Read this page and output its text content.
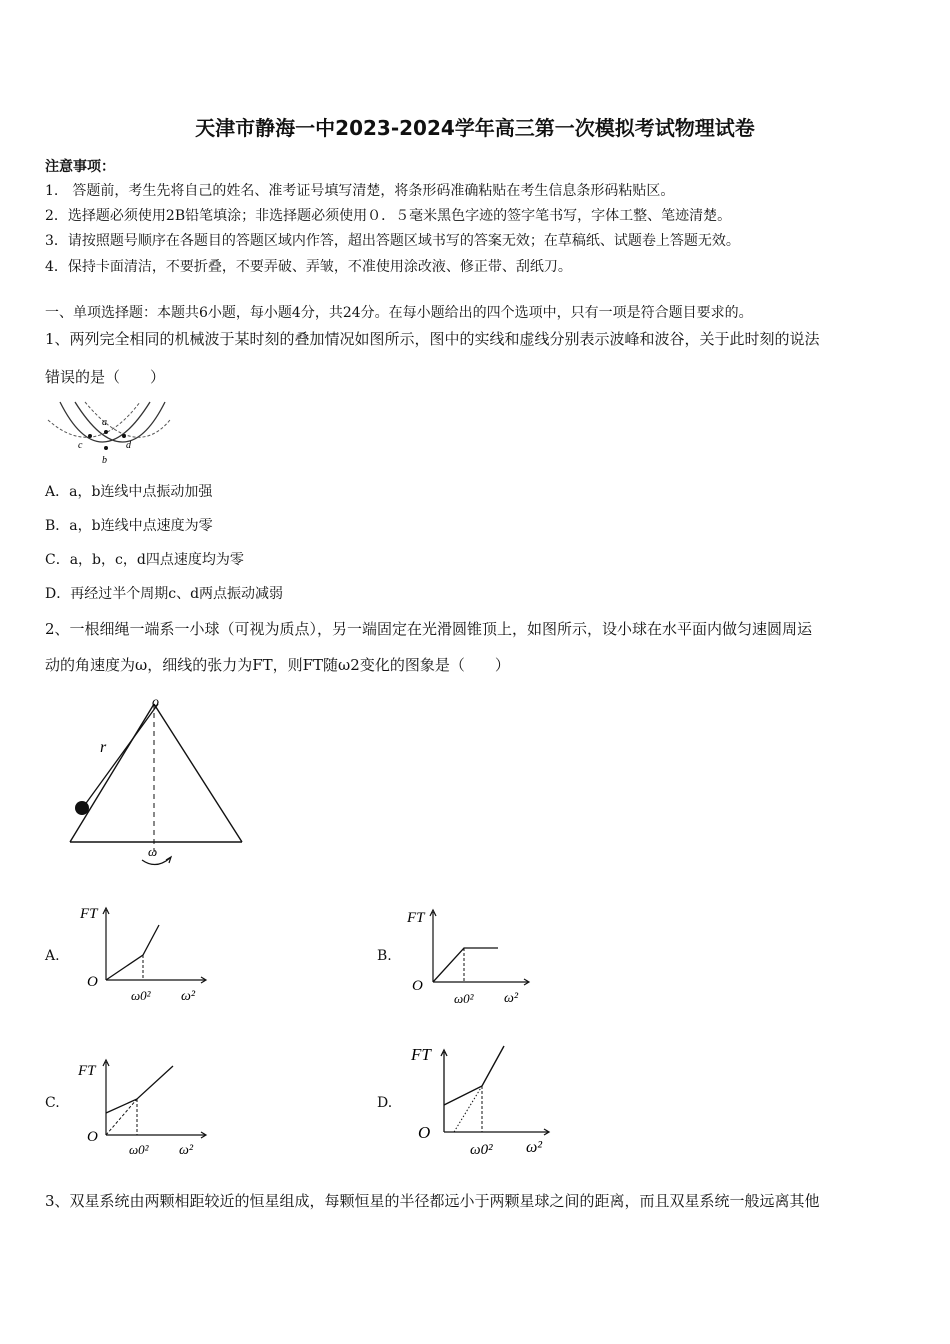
天津市静海一中2023-2024学年高三第一次模拟考试物理试卷
注意事项：
1.　答题前，考生先将自己的姓名、准考证号填写清楚，将条形码准确粘贴在考生信息条形码粘贴区。
2．选择题必须使用2B铅笔填涂；非选择题必须使用０．５毫米黑色字迹的签字笔书写，字体工整、笔迹清楚。
3．请按照题号顺序在各题目的答题区域内作答，超出答题区域书写的答案无效；在草稿纸、试题卷上答题无效。
4．保持卡面清洁，不要折叠，不要弄破、弄皱，不准使用涂改液、修正带、刮纸刀。
一、单项选择题：本题共6小题，每小题4分，共24分。在每小题给出的四个选项中，只有一项是符合题目要求的。
1、两列完全相同的机械波于某时刻的叠加情况如图所示，图中的实线和虚线分别表示波峰和波谷，关于此时刻的说法
错误的是（　　）
a
b
c	d
A．a，b连线中点振动加强
B．a，b连线中点速度为零
C．a，b，c，d四点速度均为零
D．再经过半个周期c、d两点振动减弱
2、一根细绳一端系一小球（可视为质点），另一端固定在光滑圆锥顶上，如图所示，设小球在水平面内做匀速圆周运
动的角速度为ω，细线的张力为FT，则FT随ω2变化的图象是（　　）
o
r
ω
A.
FT
O
ω0² ω²
B.
FT
O
ω0² ω²
C.
FT
O
ω0² ω²
D.
FT
O
ω0² ω²
3、双星系统由两颗相距较近的恒星组成，每颗恒星的半径都远小于两颗星球之间的距离，而且双星系统一般远离其他
